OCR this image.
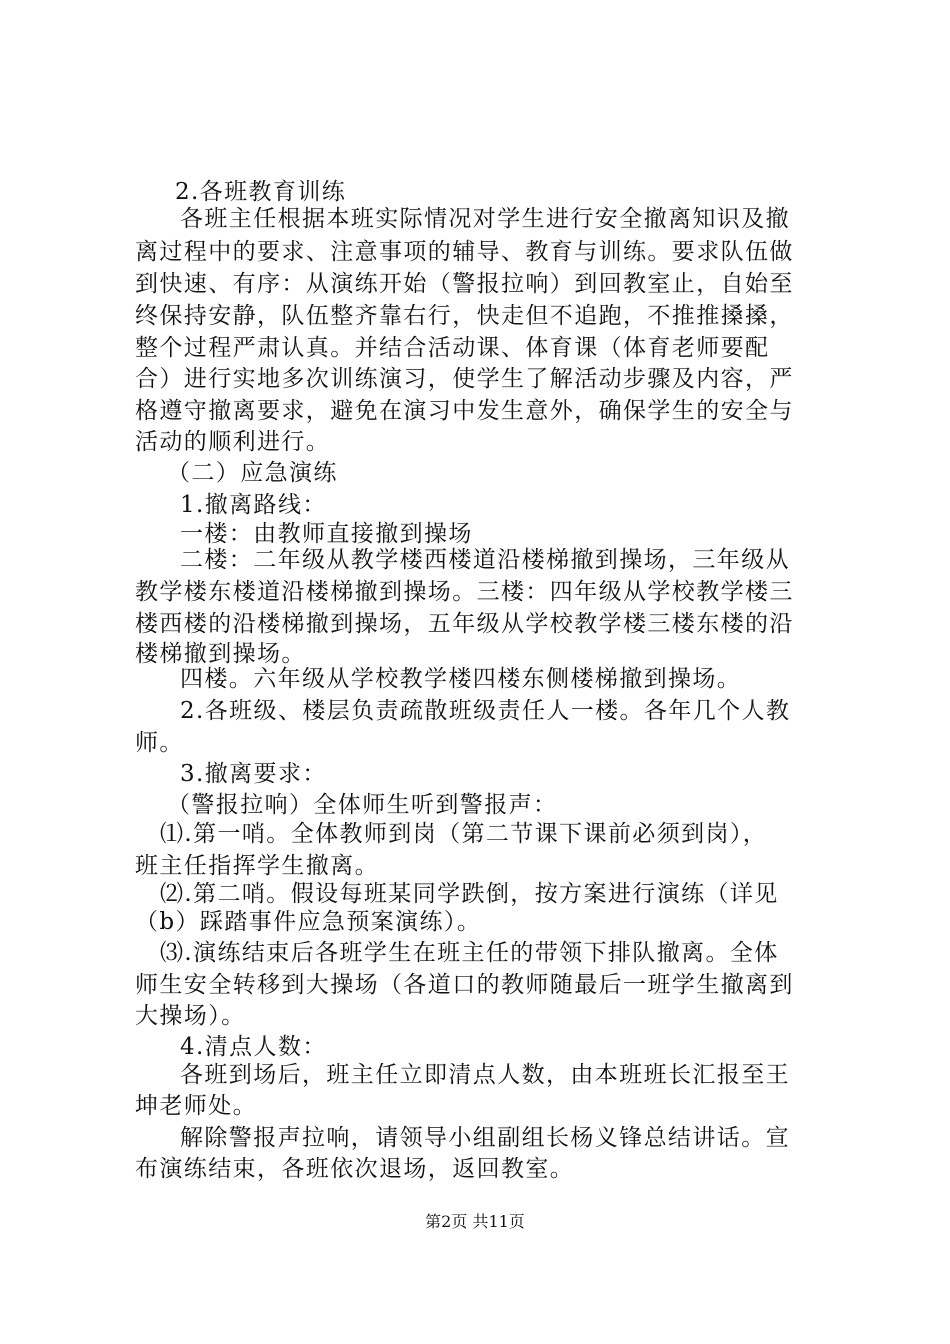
2.各班教育训练
各班主任根据本班实际情况对学生进行安全撤离知识及撤
离过程中的要求、注意事项的辅导、教育与训练。要求队伍做
到快速、有序：从演练开始（警报拉响）到回教室止，自始至
终保持安静，队伍整齐靠右行，快走但不追跑，不推推搡搡，
整个过程严肃认真。并结合活动课、体育课（体育老师要配
合）进行实地多次训练演习，使学生了解活动步骤及内容，严
格遵守撤离要求，避免在演习中发生意外，确保学生的安全与
活动的顺利进行。
（二）应急演练
1.撤离路线：
一楼：由教师直接撤到操场
二楼：二年级从教学楼西楼道沿楼梯撤到操场，三年级从
教学楼东楼道沿楼梯撤到操场。三楼：四年级从学校教学楼三
楼西楼的沿楼梯撤到操场，五年级从学校教学楼三楼东楼的沿
楼梯撤到操场。
四楼。六年级从学校教学楼四楼东侧楼梯撤到操场。
2.各班级、楼层负责疏散班级责任人一楼。各年几个人教
师。
3.撤离要求：
（警报拉响）全体师生听到警报声：
⑴.第一哨。全体教师到岗（第二节课下课前必须到岗），
班主任指挥学生撤离。
⑵.第二哨。假设每班某同学跌倒，按方案进行演练（详见
（b）踩踏事件应急预案演练）。
⑶.演练结束后各班学生在班主任的带领下排队撤离。全体
师生安全转移到大操场（各道口的教师随最后一班学生撤离到
大操场）。
4.清点人数：
各班到场后，班主任立即清点人数，由本班班长汇报至王
坤老师处。
解除警报声拉响，请领导小组副组长杨义锋总结讲话。宣
布演练结束，各班依次退场，返回教室。
第2页 共11页
